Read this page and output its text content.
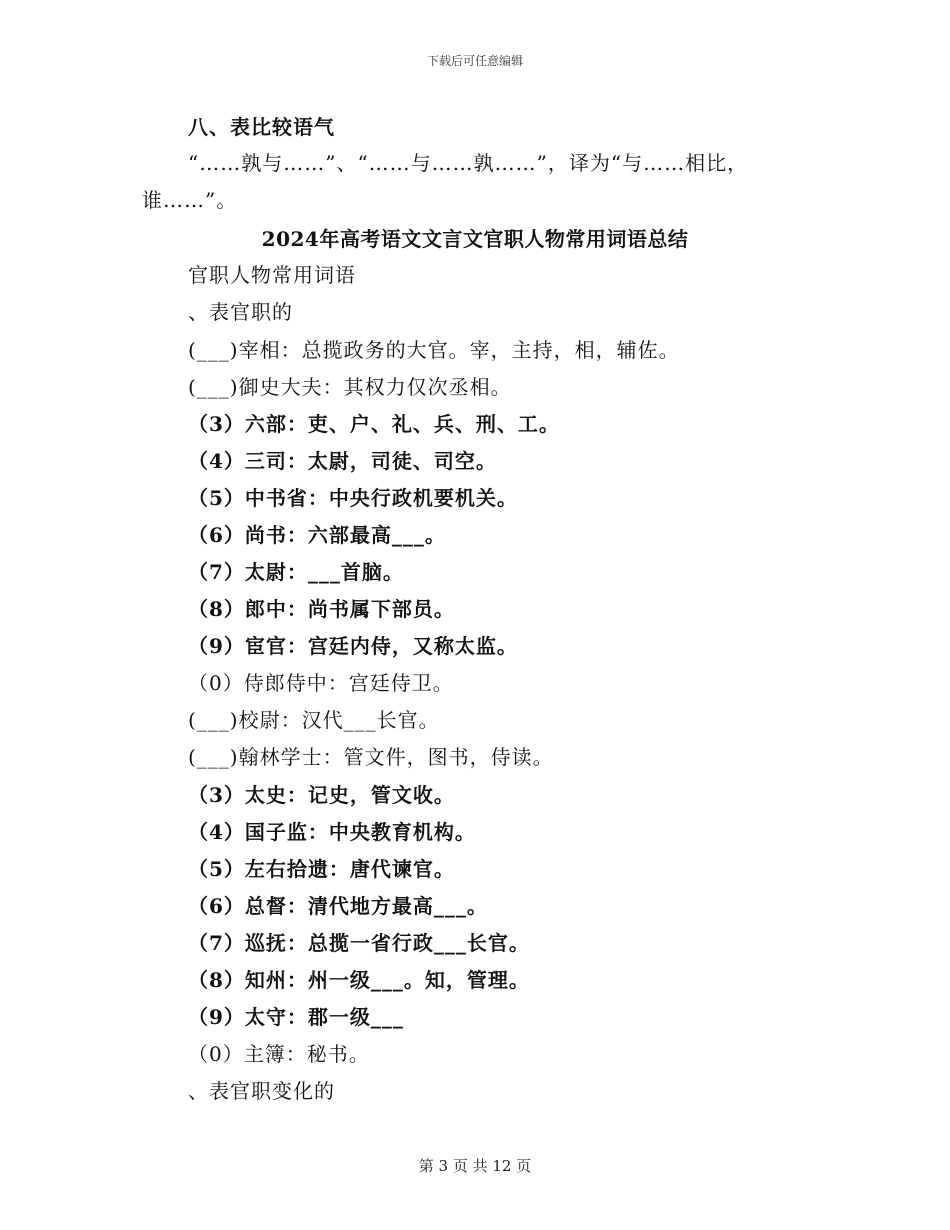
下载后可任意编辑
八、表比较语气
“……孰与……”、“……与……孰……”，译为“与……相比，
谁……”。
2024年高考语文文言文官职人物常用词语总结
官职人物常用词语
、表官职的
(___)宰相：总揽政务的大官。宰，主持，相，辅佐。
(___)御史大夫：其权力仅次丞相。
（3）六部：吏、户、礼、兵、刑、工。
（4）三司：太尉，司徒、司空。
（5）中书省：中央行政机要机关。
（6）尚书：六部最高___。
（7）太尉：___首脑。
（8）郎中：尚书属下部员。
（9）宦官：宫廷内侍，又称太监。
（0）侍郎侍中：宫廷侍卫。
(___)校尉：汉代___长官。
(___)翰林学士：管文件，图书，侍读。
（3）太史：记史，管文收。
（4）国子监：中央教育机构。
（5）左右拾遗：唐代谏官。
（6）总督：清代地方最高___。
（7）巡抚：总揽一省行政___长官。
（8）知州：州一级___。知，管理。
（9）太守：郡一级___
（0）主簿：秘书。
、表官职变化的
第 3 页 共 12 页
